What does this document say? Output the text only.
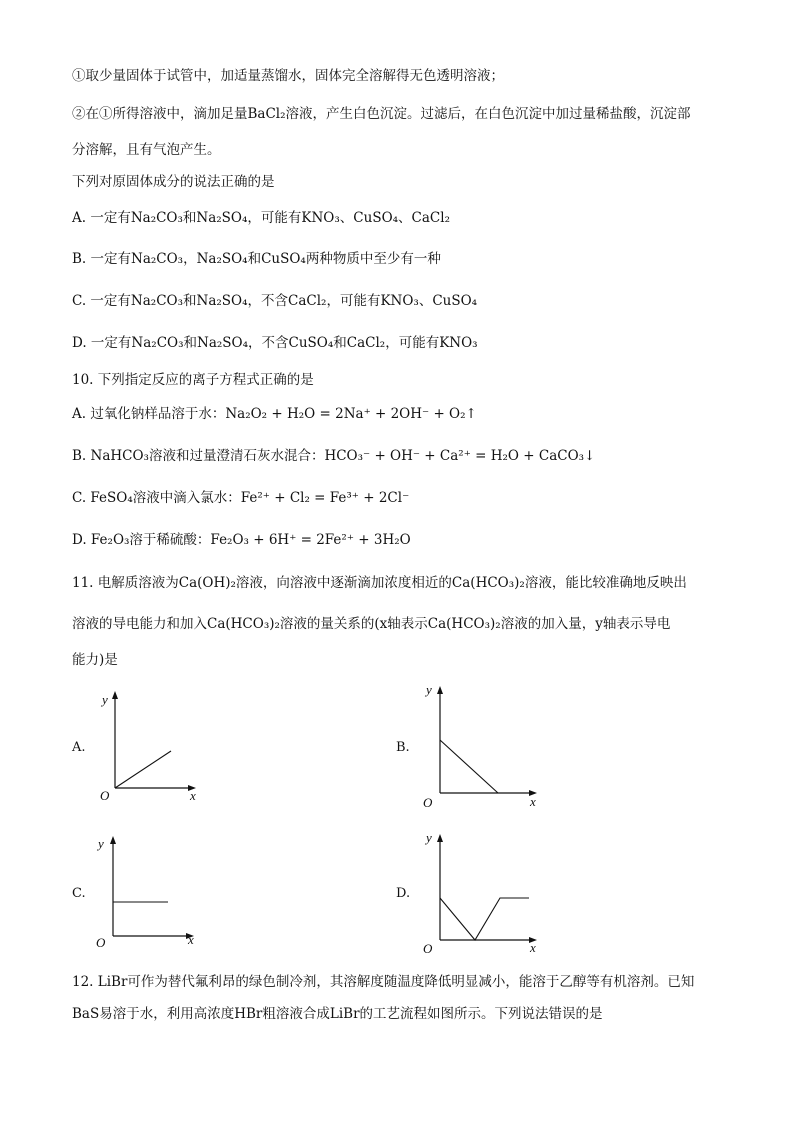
①取少量固体于试管中，加适量蒸馏水，固体完全溶解得无色透明溶液；
②在①所得溶液中，滴加足量BaCl₂溶液，产生白色沉淀。过滤后，在白色沉淀中加过量稀盐酸，沉淀部
分溶解，且有气泡产生。
下列对原固体成分的说法正确的是
A. 一定有Na₂CO₃和Na₂SO₄，可能有KNO₃、CuSO₄、CaCl₂
B. 一定有Na₂CO₃，Na₂SO₄和CuSO₄两种物质中至少有一种
C. 一定有Na₂CO₃和Na₂SO₄，不含CaCl₂，可能有KNO₃、CuSO₄
D. 一定有Na₂CO₃和Na₂SO₄，不含CuSO₄和CaCl₂，可能有KNO₃
10. 下列指定反应的离子方程式正确的是
A. 过氧化钠样品溶于水：Na₂O₂ + H₂O = 2Na⁺ + 2OH⁻ + O₂↑
B. NaHCO₃溶液和过量澄清石灰水混合：HCO₃⁻ + OH⁻ + Ca²⁺ = H₂O + CaCO₃↓
C. FeSO₄溶液中滴入氯水：Fe²⁺ + Cl₂ = Fe³⁺ + 2Cl⁻
D. Fe₂O₃溶于稀硫酸：Fe₂O₃ + 6H⁺ = 2Fe²⁺ + 3H₂O
11. 电解质溶液为Ca(OH)₂溶液，向溶液中逐渐滴加浓度相近的Ca(HCO₃)₂溶液，能比较准确地反映出
溶液的导电能力和加入Ca(HCO₃)₂溶液的量关系的(x轴表示Ca(HCO₃)₂溶液的加入量，y轴表示导电
能力)是
A.
y
x
O
B.
y
x
O
C.
y
x
O
D.
y
x
O
12. LiBr可作为替代氟利昂的绿色制冷剂，其溶解度随温度降低明显减小，能溶于乙醇等有机溶剂。已知
BaS易溶于水，利用高浓度HBr粗溶液合成LiBr的工艺流程如图所示。下列说法错误的是
